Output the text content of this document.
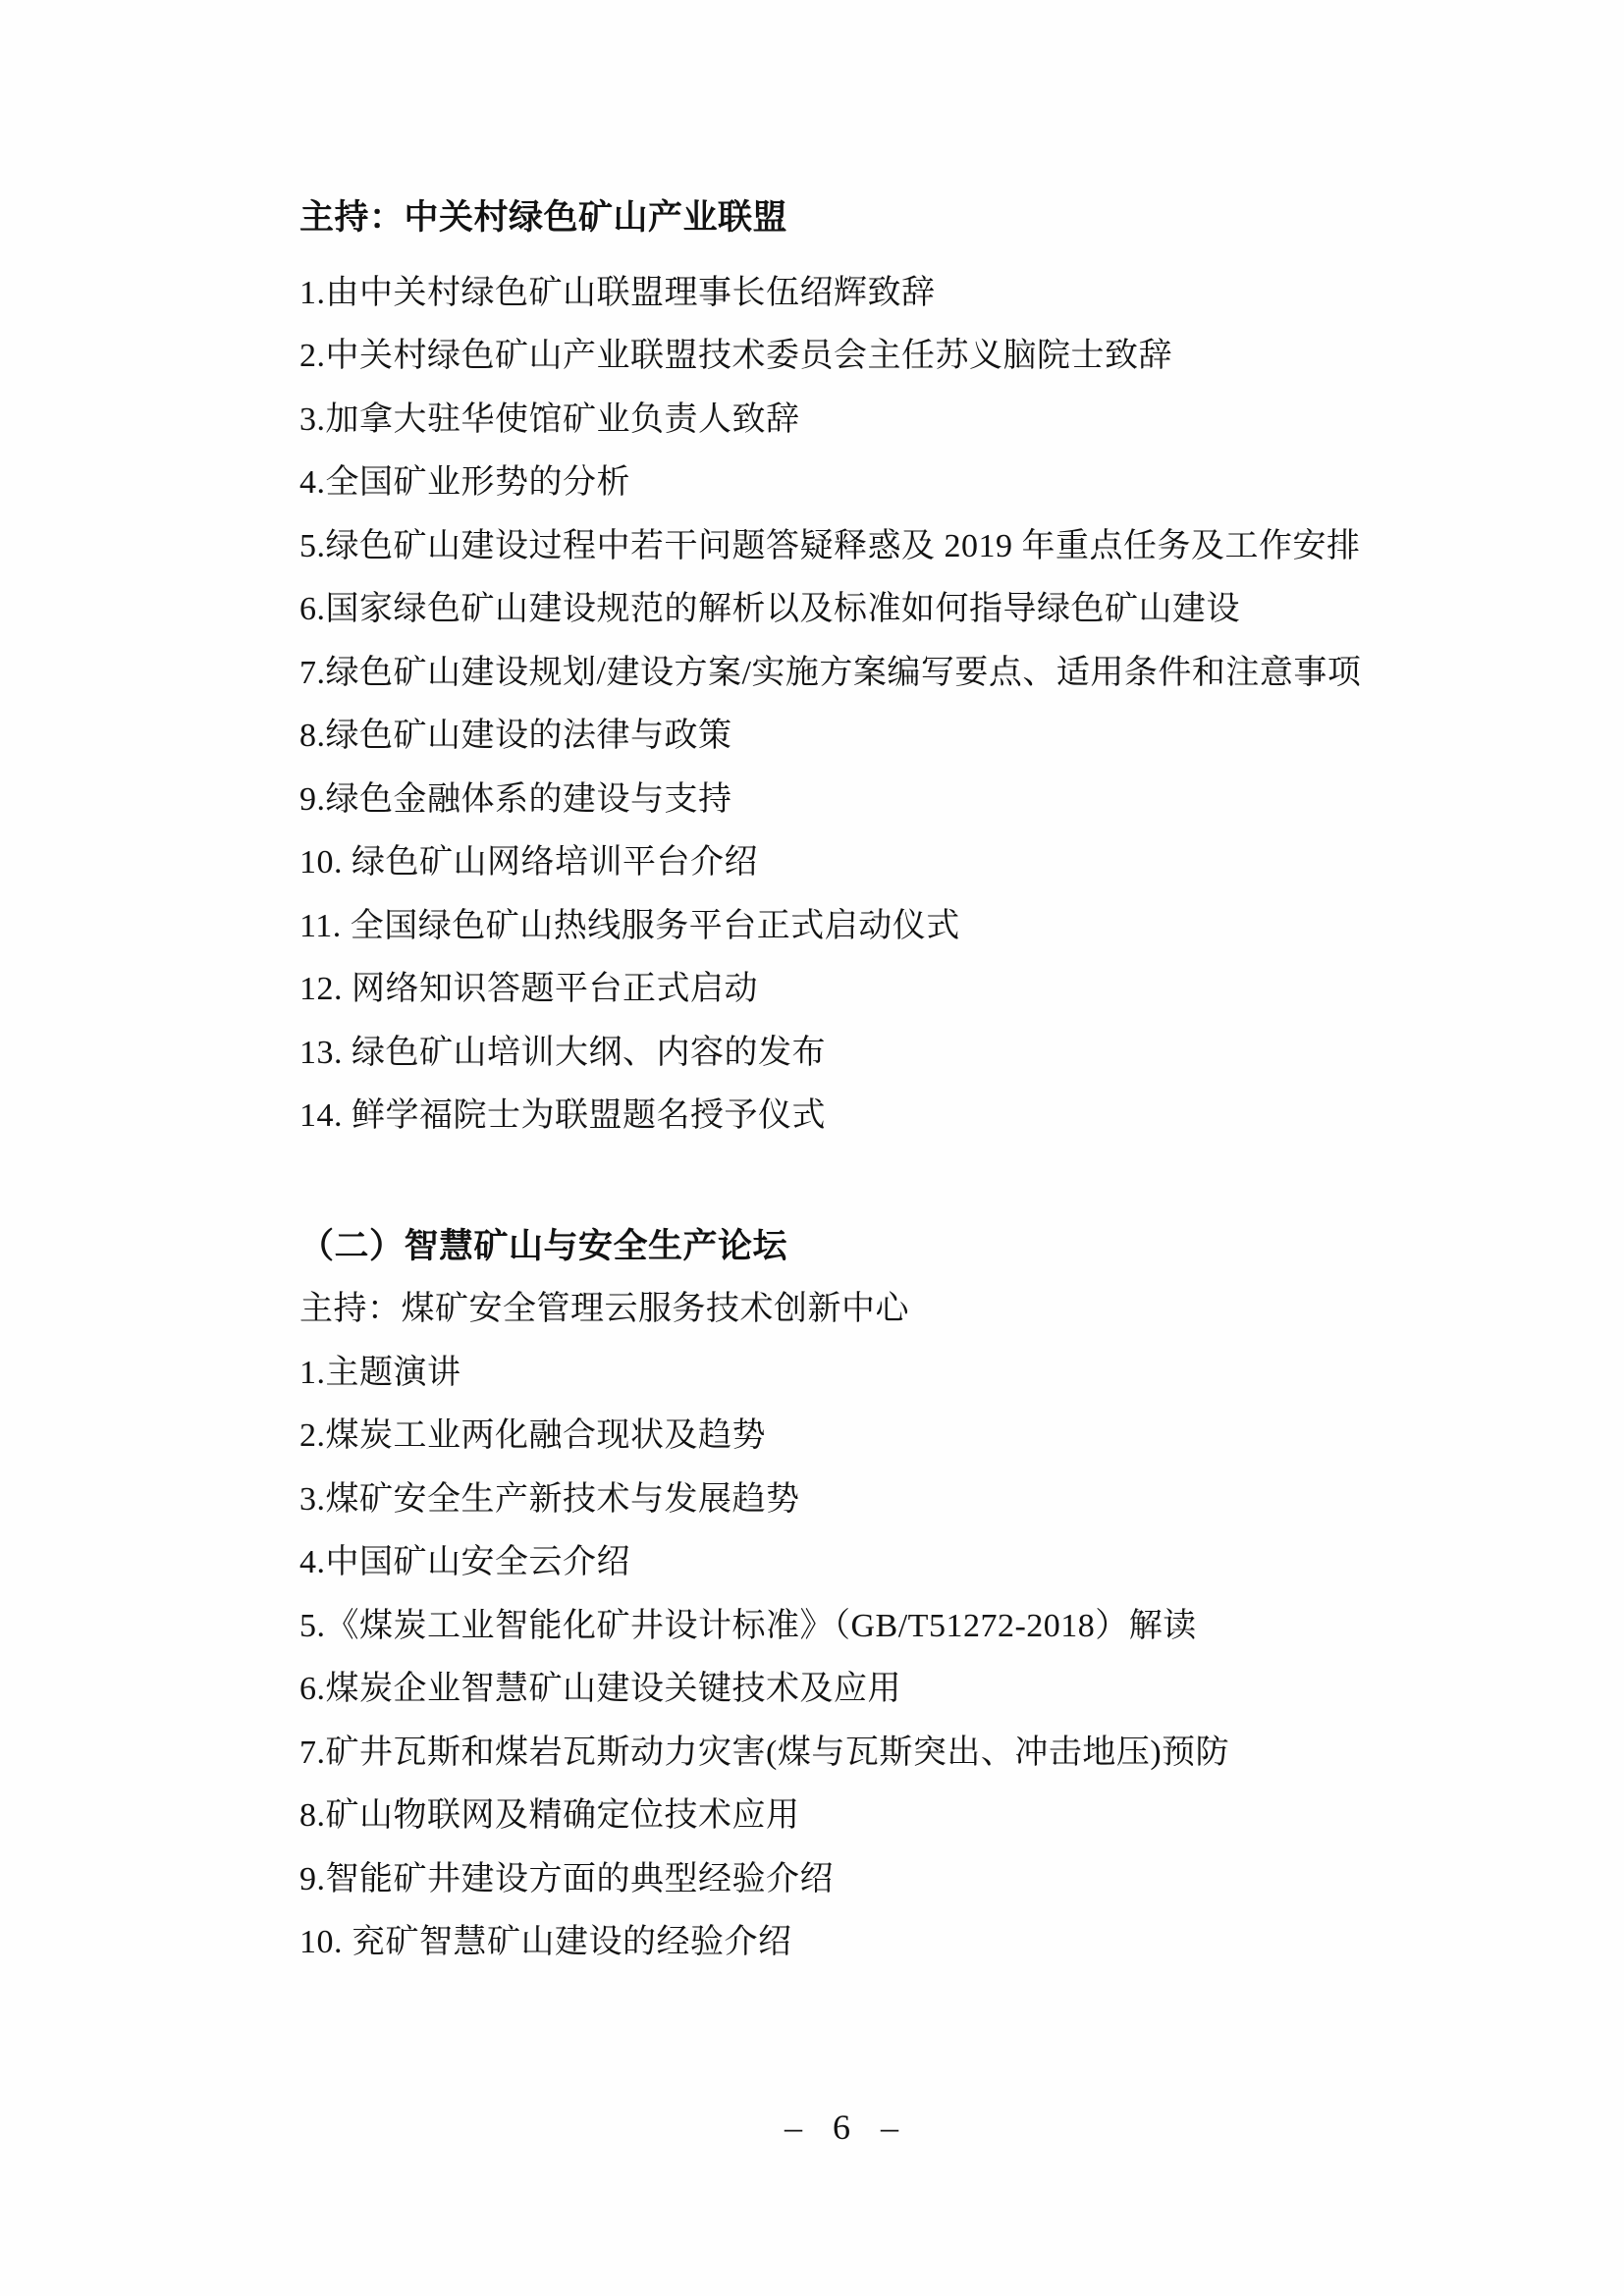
主持：中关村绿色矿山产业联盟

1.由中关村绿色矿山联盟理事长伍绍辉致辞

2.中关村绿色矿山产业联盟技术委员会主任苏义脑院士致辞

3.加拿大驻华使馆矿业负责人致辞

4.全国矿业形势的分析

5.绿色矿山建设过程中若干问题答疑释惑及 2019 年重点任务及工作安排

6.国家绿色矿山建设规范的解析以及标准如何指导绿色矿山建设

7.绿色矿山建设规划/建设方案/实施方案编写要点、适用条件和注意事项

8.绿色矿山建设的法律与政策

9.绿色金融体系的建设与支持

10. 绿色矿山网络培训平台介绍

11. 全国绿色矿山热线服务平台正式启动仪式

12. 网络知识答题平台正式启动

13. 绿色矿山培训大纲、内容的发布

14. 鲜学福院士为联盟题名授予仪式

（二）智慧矿山与安全生产论坛

主持：煤矿安全管理云服务技术创新中心

1.主题演讲

2.煤炭工业两化融合现状及趋势

3.煤矿安全生产新技术与发展趋势

4.中国矿山安全云介绍

5.《煤炭工业智能化矿井设计标准》（GB/T51272-2018）解读

6.煤炭企业智慧矿山建设关键技术及应用

7.矿井瓦斯和煤岩瓦斯动力灾害(煤与瓦斯突出、冲击地压)预防

8.矿山物联网及精确定位技术应用

9.智能矿井建设方面的典型经验介绍

10. 兖矿智慧矿山建设的经验介绍

– 6 –
